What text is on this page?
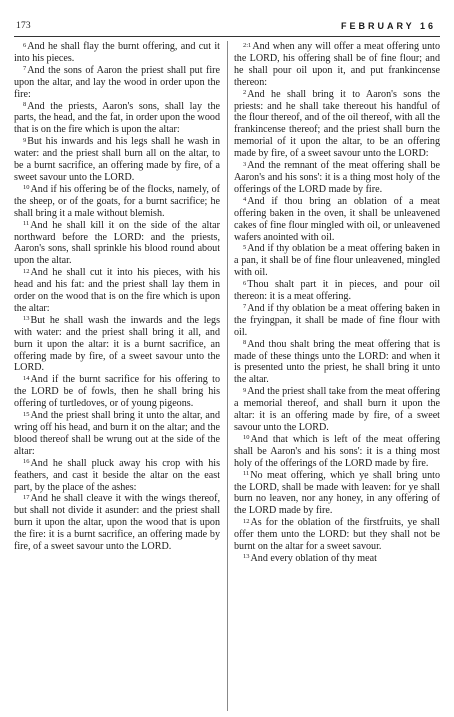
173	FEBRUARY 16

$^6$And he shall flay the burnt offering, and cut it into his pieces.

$^7$And the sons of Aaron the priest shall put fire upon the altar, and lay the wood in order upon the fire:

$^8$And the priests, Aaron's sons, shall lay the parts, the head, and the fat, in order upon the wood that is on the fire which is upon the altar:

$^9$But his inwards and his legs shall he wash in water: and the priest shall burn all on the altar, to be a burnt sacrifice, an offering made by fire, of a sweet savour unto the LORD.

$^{10}$And if his offering be of the flocks, namely, of the sheep, or of the goats, for a burnt sacrifice; he shall bring it a male without blemish.

$^{11}$And he shall kill it on the side of the altar northward before the LORD: and the priests, Aaron's sons, shall sprinkle his blood round about upon the altar.

$^{12}$And he shall cut it into his pieces, with his head and his fat: and the priest shall lay them in order on the wood that is on the fire which is upon the altar:

$^{13}$But he shall wash the inwards and the legs with water: and the priest shall bring it all, and burn it upon the altar: it is a burnt sacrifice, an offering made by fire, of a sweet savour unto the LORD.

$^{14}$And if the burnt sacrifice for his offering to the LORD be of fowls, then he shall bring his offering of turtledoves, or of young pigeons.

$^{15}$And the priest shall bring it unto the altar, and wring off his head, and burn it on the altar; and the blood thereof shall be wrung out at the side of the altar:

$^{16}$And he shall pluck away his crop with his feathers, and cast it beside the altar on the east part, by the place of the ashes:

$^{17}$And he shall cleave it with the wings thereof, but shall not divide it asunder: and the priest shall burn it upon the altar, upon the wood that is upon the fire: it is a burnt sacrifice, an offering made by fire, of a sweet savour unto the LORD.

$^{2:1}$And when any will offer a meat offering unto the LORD, his offering shall be of fine flour; and he shall pour oil upon it, and put frankincense thereon:

$^2$And he shall bring it to Aaron's sons the priests: and he shall take thereout his handful of the flour thereof, and of the oil thereof, with all the frankincense thereof; and the priest shall burn the memorial of it upon the altar, to be an offering made by fire, of a sweet savour unto the LORD:

$^3$And the remnant of the meat offering shall be Aaron's and his sons': it is a thing most holy of the offerings of the LORD made by fire.

$^4$And if thou bring an oblation of a meat offering baken in the oven, it shall be unleavened cakes of fine flour mingled with oil, or unleavened wafers anointed with oil.

$^5$And if thy oblation be a meat offering baken in a pan, it shall be of fine flour unleavened, mingled with oil.

$^6$Thou shalt part it in pieces, and pour oil thereon: it is a meat offering.

$^7$And if thy oblation be a meat offering baken in the fryingpan, it shall be made of fine flour with oil.

$^8$And thou shalt bring the meat offering that is made of these things unto the LORD: and when it is presented unto the priest, he shall bring it unto the altar.

$^9$And the priest shall take from the meat offering a memorial thereof, and shall burn it upon the altar: it is an offering made by fire, of a sweet savour unto the LORD.

$^{10}$And that which is left of the meat offering shall be Aaron's and his sons': it is a thing most holy of the offerings of the LORD made by fire.

$^{11}$No meat offering, which ye shall bring unto the LORD, shall be made with leaven: for ye shall burn no leaven, nor any honey, in any offering of the LORD made by fire.

$^{12}$As for the oblation of the firstfruits, ye shall offer them unto the LORD: but they shall not be burnt on the altar for a sweet savour.

$^{13}$And every oblation of thy meat
